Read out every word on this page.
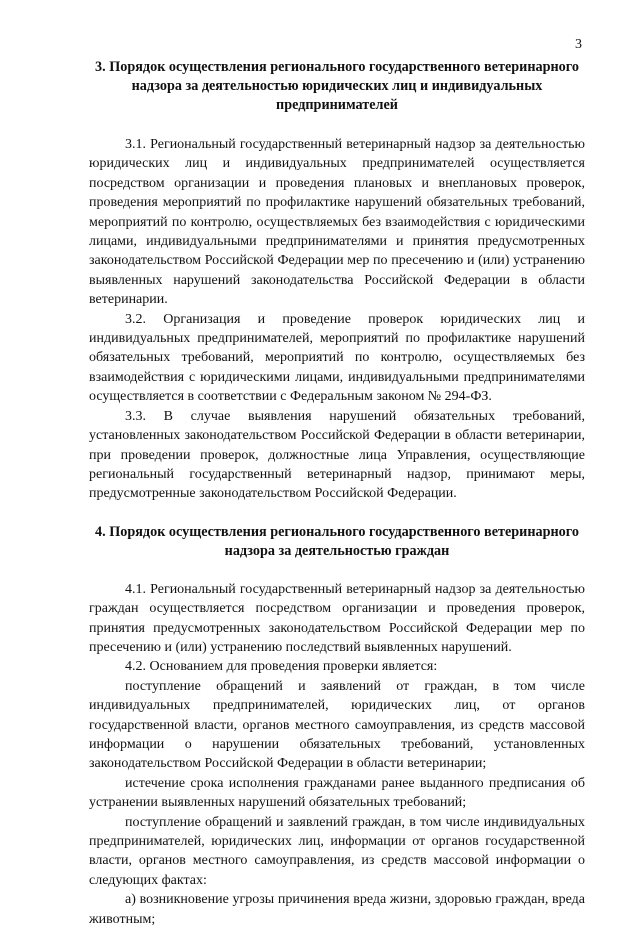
3
3. Порядок осуществления регионального государственного ветеринарного надзора за деятельностью юридических лиц и индивидуальных предпринимателей

3.1. Региональный государственный ветеринарный надзор за деятельностью юридических лиц и индивидуальных предпринимателей осуществляется посредством организации и проведения плановых и внеплановых проверок, проведения мероприятий по профилактике нарушений обязательных требований, мероприятий по контролю, осуществляемых без взаимодействия с юридическими лицами, индивидуальными предпринимателями и принятия предусмотренных законодательством Российской Федерации мер по пресечению и (или) устранению выявленных нарушений законодательства Российской Федерации в области ветеринарии.

3.2. Организация и проведение проверок юридических лиц и индивидуальных предпринимателей, мероприятий по профилактике нарушений обязательных требований, мероприятий по контролю, осуществляемых без взаимодействия с юридическими лицами, индивидуальными предпринимателями осуществляется в соответствии с Федеральным законом № 294-ФЗ.

3.3. В случае выявления нарушений обязательных требований, установленных законодательством Российской Федерации в области ветеринарии, при проведении проверок, должностные лица Управления, осуществляющие региональный государственный ветеринарный надзор, принимают меры, предусмотренные законодательством Российской Федерации.

4. Порядок осуществления регионального государственного ветеринарного надзора за деятельностью граждан

4.1. Региональный государственный ветеринарный надзор за деятельностью граждан осуществляется посредством организации и проведения проверок, принятия предусмотренных законодательством Российской Федерации мер по пресечению и (или) устранению последствий выявленных нарушений.

4.2. Основанием для проведения проверки является:

поступление обращений и заявлений от граждан, в том числе индивидуальных предпринимателей, юридических лиц, от органов государственной власти, органов местного самоуправления, из средств массовой информации о нарушении обязательных требований, установленных законодательством Российской Федерации в области ветеринарии;

истечение срока исполнения гражданами ранее выданного предписания об устранении выявленных нарушений обязательных требований;

поступление обращений и заявлений граждан, в том числе индивидуальных предпринимателей, юридических лиц, информации от органов государственной власти, органов местного самоуправления, из средств массовой информации о следующих фактах:

а) возникновение угрозы причинения вреда жизни, здоровью граждан, вреда животным;
